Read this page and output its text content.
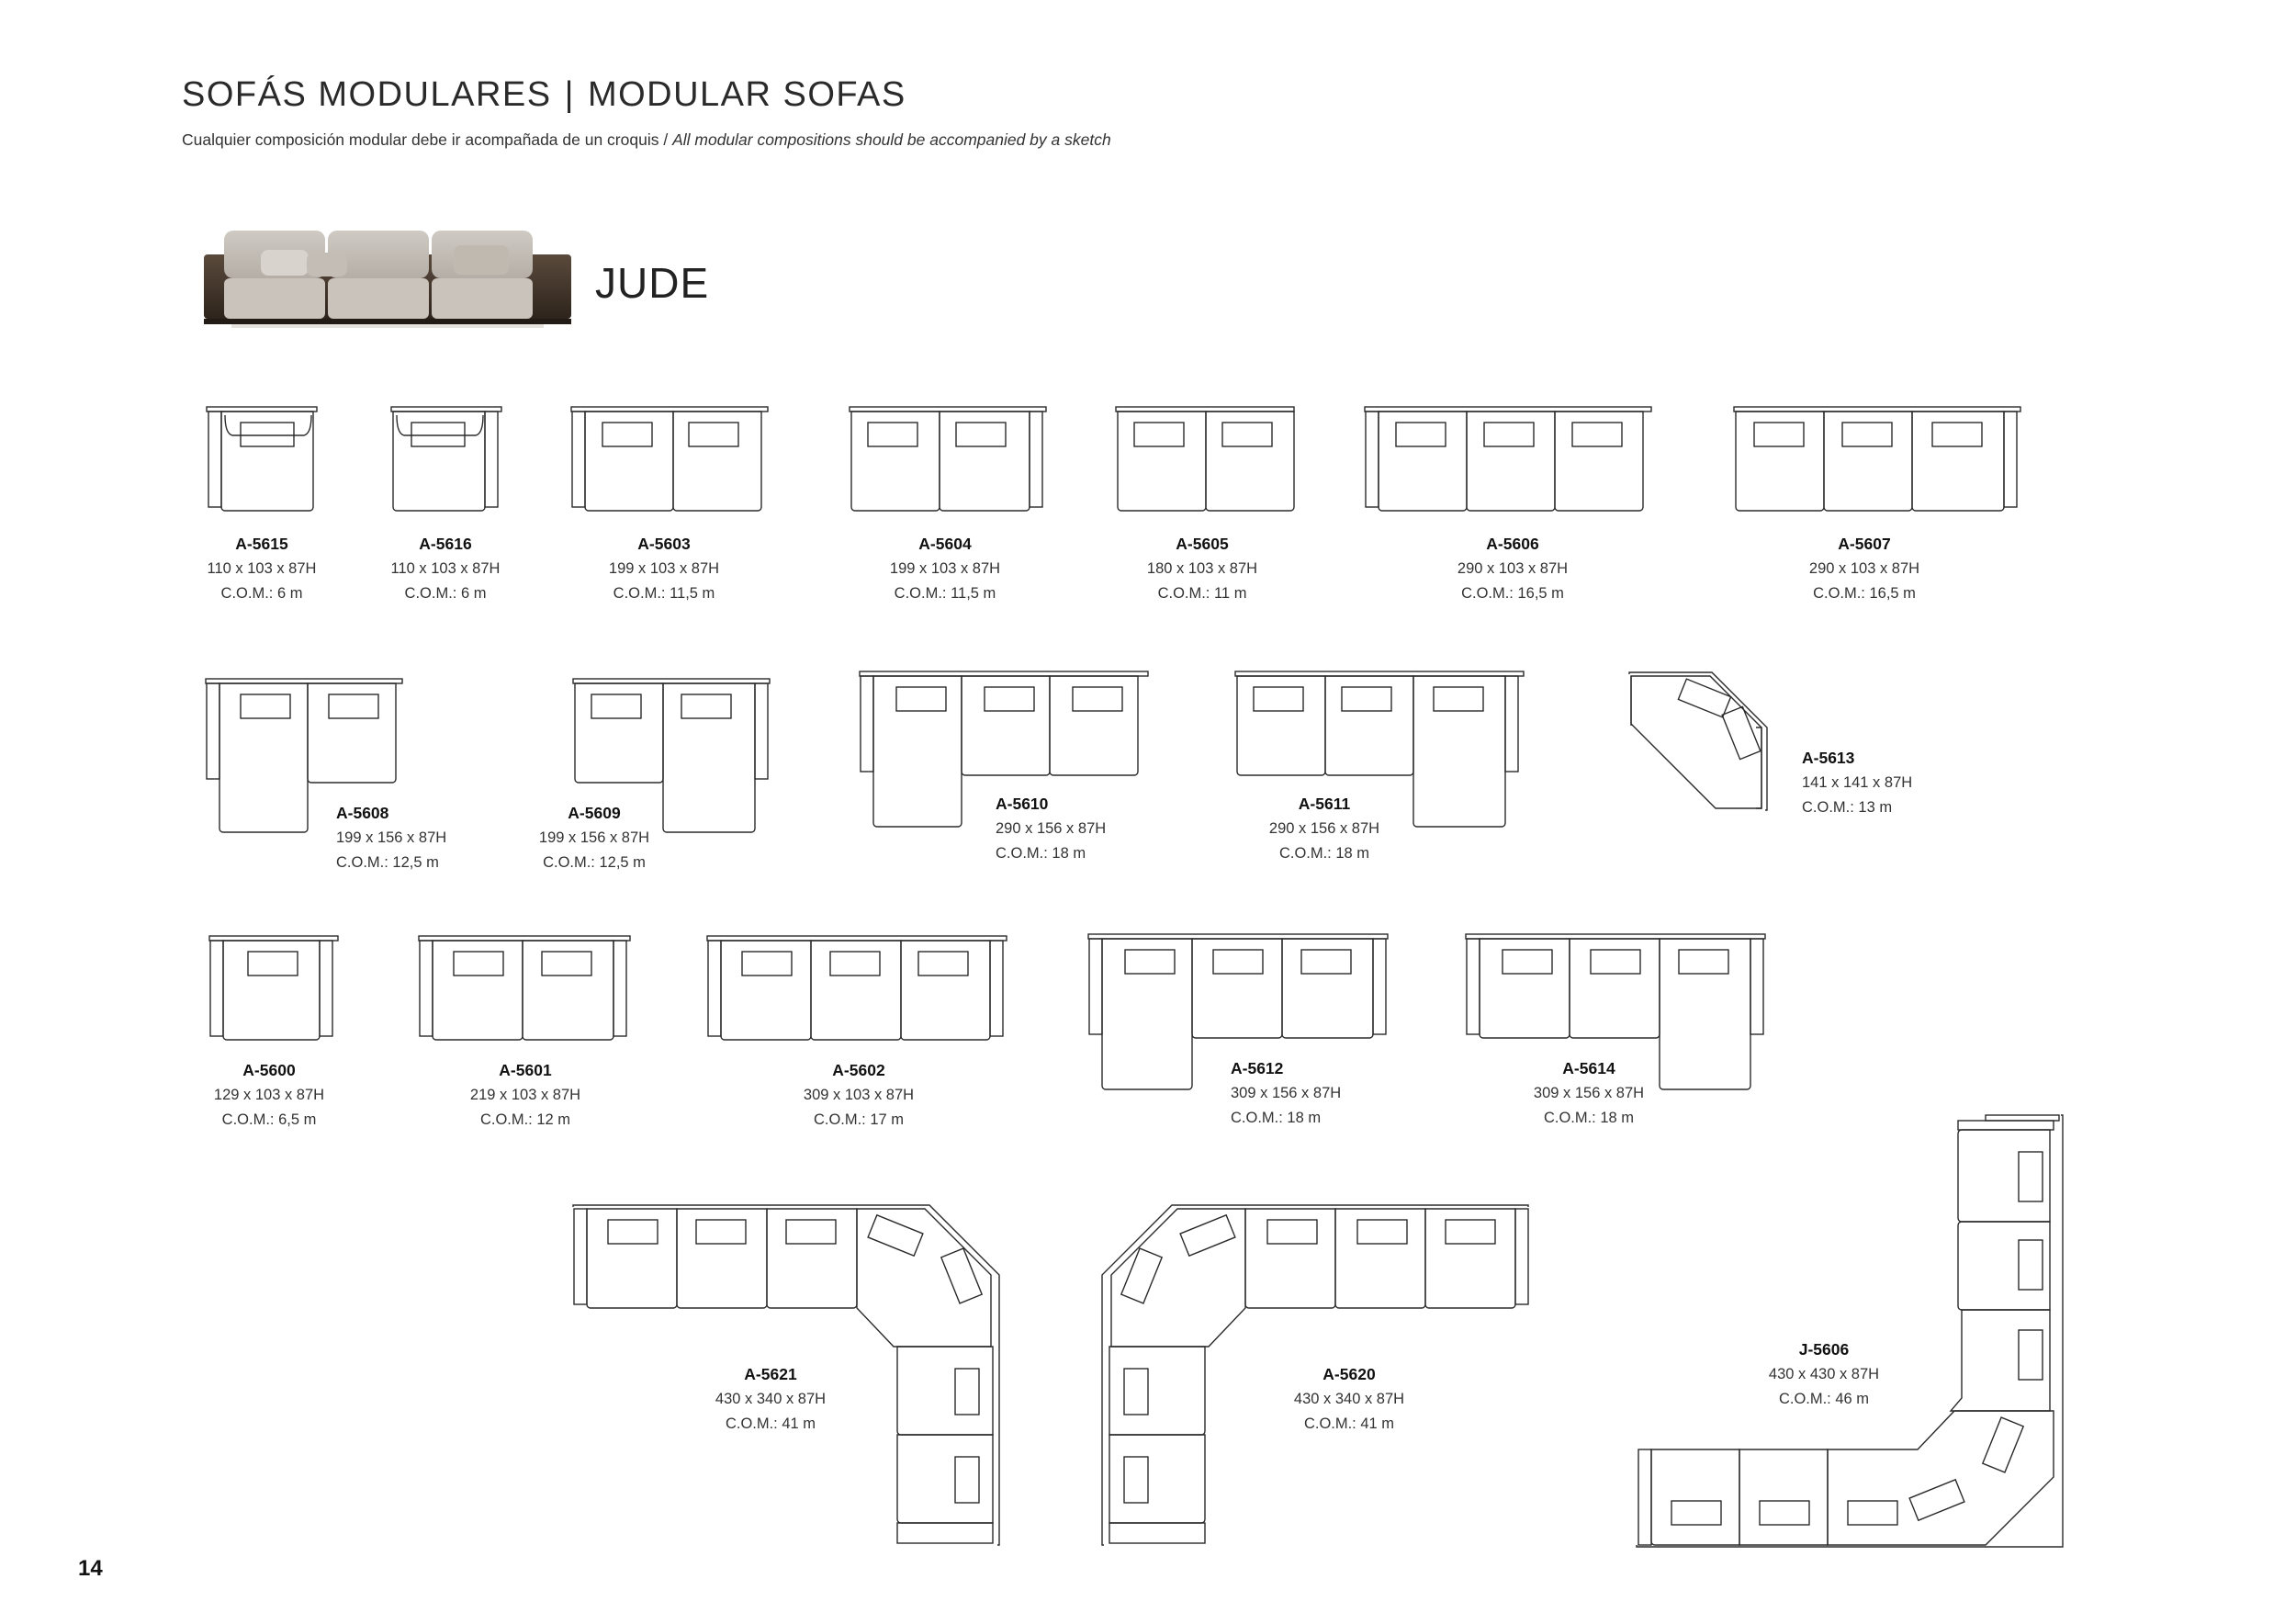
SOFÁS MODULARES | MODULAR SOFAS
Cualquier composición modular debe ir acompañada de un croquis / All modular compositions should be accompanied by a sketch
JUDE
A-5615
110 x 103 x 87H
C.O.M.: 6 m
A-5616
110 x 103 x 87H
C.O.M.: 6 m
A-5603
199 x 103 x 87H
C.O.M.: 11,5 m
A-5604
199 x 103 x 87H
C.O.M.: 11,5 m
A-5605
180 x 103 x 87H
C.O.M.: 11 m
A-5606
290 x 103 x 87H
C.O.M.: 16,5 m
A-5607
290 x 103 x 87H
C.O.M.: 16,5 m
A-5608
199 x 156 x 87H
C.O.M.: 12,5 m
A-5609
199 x 156 x 87H
C.O.M.: 12,5 m
A-5610
290 x 156 x 87H
C.O.M.: 18 m
A-5611
290 x 156 x 87H
C.O.M.: 18 m
A-5613
141 x 141 x 87H
C.O.M.: 13 m
A-5600
129 x 103 x 87H
C.O.M.: 6,5 m
A-5601
219 x 103 x 87H
C.O.M.: 12 m
A-5602
309 x 103 x 87H
C.O.M.: 17 m
A-5612
309 x 156 x 87H
C.O.M.: 18 m
A-5614
309 x 156 x 87H
C.O.M.: 18 m
A-5621
430 x 340 x 87H
C.O.M.: 41 m
A-5620
430 x 340 x 87H
C.O.M.: 41 m
J-5606
430 x 430 x 87H
C.O.M.: 46 m
14
